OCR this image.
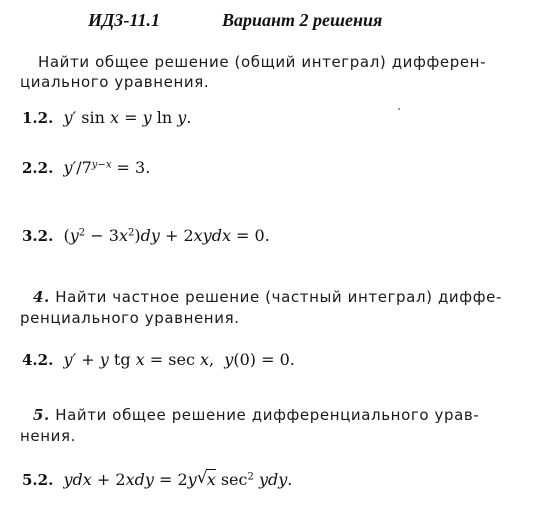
ИДЗ-11.1	Вариант 2 решения
Найти общее решение (общий интеграл) дифферен-
циального уравнения.
1.2. y′ sin x = y ln y.
2.2. $y'/7^{y-x} = 3$.
3.2.  $(y^2 - 3x^2)dy$ + 2xydx = 0.
4. Найти частное решение (частный интеграл) диффе-
ренциального уравнения.
4.2. y′ + y tg x = sec x,  y(0) = 0.
5. Найти общее решение дифференциального урав-
нения.
5.2. ydx + 2xdy = 2y √ x $\sec^2$ ydy.
